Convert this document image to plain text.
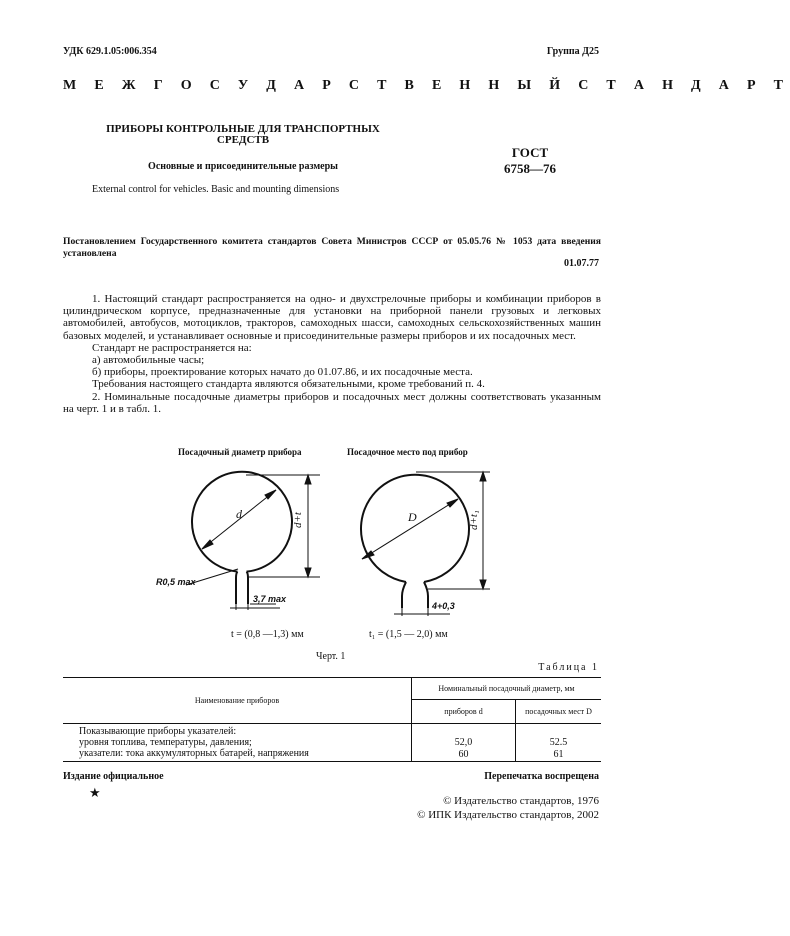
УДК 629.1.05:006.354	Группа Д25
М Е Ж Г О С У Д А Р С Т В Е Н Н Ы Й С Т А Н Д А Р Т
ПРИБОРЫ КОНТРОЛЬНЫЕ ДЛЯ ТРАНСПОРТНЫХ
СРЕДСТВ
Основные и присоединительные размеры
ГОСТ
6758—76
External control for vehicles. Basic and mounting dimensions
Постановлением Государственного комитета стандартов Совета Министров СССР от 05.05.76 № 1053 дата введения установлена
01.07.77

1. Настоящий стандарт распространяется на одно- и двухстрелочные приборы и комбинации приборов в цилиндрическом корпусе, предназначенные для установки на приборной панели грузовых и легковых автомобилей, автобусов, мотоциклов, тракторов, самоходных шасси, самоходных сельскохозяйственных машин базовых моделей, и устанавливает основные и присоединительные размеры приборов и их посадочных мест.

Стандарт не распространяется на:

а) автомобильные часы;

б) приборы, проектирование которых начато до 01.07.86, и их посадочные места.

Требования настоящего стандарта являются обязательными, кроме требований п. 4.

2. Номинальные посадочные диаметры приборов и посадочных мест должны соответствовать указанным на черт. 1 и в табл. 1.

Посадочный диаметр прибора	Посадочное место под прибор
d	d+t
R0,5 max
3,7 max
D	d+t₁
4+0,3
t = (0,8 —1,3) мм	t₁ = (1,5 — 2,0) мм
Черт. 1
Таблица 1
Наименование приборов	Номинальный посадочный диаметр, мм	
	приборов d	посадочных мест D
Показывающие приборы указателей:		
уровня топлива, температуры, давления;	52,0	52.5
указатели: тока аккумуляторных батарей, напряжения	60	61
Издание официальное	Перепечатка воспрещена
★
© Издательство стандартов, 1976
© ИПК Издательство стандартов, 2002
